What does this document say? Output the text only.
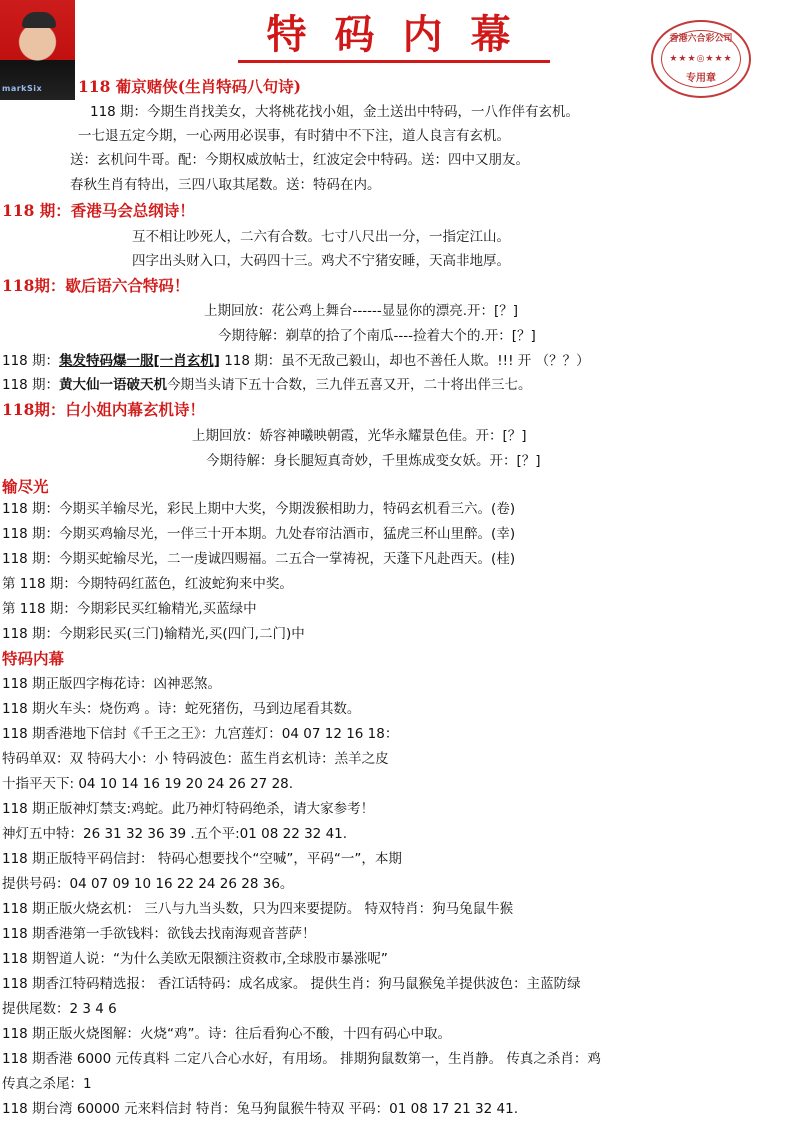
markSix
特码内幕	香港六合彩公司
★★★◎★★★
专用章
118 葡京赌侠(生肖特码八句诗)
118 期：今期生肖找美女，大将桃花找小姐，金土送出中特码，一八作伴有玄机。
一七退五定今期，一心两用必误事，有时猜中不下注，道人良言有玄机。
送：玄机问牛哥。配：今期权威放帖士，红波定会中特码。送：四中又朋友。
春秋生肖有特出，三四八取其尾数。送：特码在内。
118 期：香港马会总纲诗！
互不相让吵死人，二六有合数。七寸八尺出一分，一指定江山。
四字出头财入口，大码四十三。鸡犬不宁猪安睡，天高非地厚。
118期：歇后语六合特码！
上期回放：花公鸡上舞台------显显你的漂亮.开：[？]
今期待解：剃草的拾了个南瓜----捡着大个的.开：[？]
118 期：集发特码爆一服[一肖玄机] 118 期：虽不无敌己毅山，却也不善任人欺。!!! 开 （？？）
118 期：黄大仙一语破天机今期当头请下五十合数，三九伴五喜又开，二十将出伴三七。
118期：白小姐内幕玄机诗！
上期回放：娇容神曦映朝霞，光华永耀景色佳。开：[？]
今期待解：身长腿短真奇妙，千里炼成变女妖。开：[？]
输尽光
118 期：今期买羊输尽光，彩民上期中大奖，今期泼猴相助力，特码玄机看三六。(卷)
118 期：今期买鸡输尽光，一伴三十开本期。九处春帘沽酒市，猛虎三杯山里醉。(幸)
118 期：今期买蛇输尽光，二一虔诚四赐福。二五合一掌祷祝，天蓬下凡赴西天。(桂)
第 118 期：今期特码红蓝色，红波蛇狗来中奖。
第 118 期：今期彩民买红输精光,买蓝绿中
118 期：今期彩民买(三门)输精光,买(四门,二门)中
特码内幕
118 期正版四字梅花诗：凶神恶煞。
118 期火车头：烧伤鸡 。诗：蛇死猪伤，马到边尾看其数。
118 期香港地下信封《千王之王》：九宫莲灯：04 07 12 16 18：
特码单双：双 特码大小：小 特码波色：蓝生肖玄机诗：羔羊之皮
十指平天下: 04 10 14 16 19 20 24 26 27 28.
118 期正版神灯禁支:鸡蛇。此乃神灯特码绝杀，请大家参考！
神灯五中特：26 31 32 36 39 .五个平:01 08 22 32 41.
118 期正版特平码信封： 特码心想要找个“空喊”，平码“一”，本期
提供号码：04 07 09 10 16 22 24 26 28 36。
118 期正版火烧玄机： 三八与九当头数，只为四来要提防。 特双特肖：狗马兔鼠牛猴
118 期香港第一手欲钱料：欲钱去找南海观音菩萨！
118 期智道人说：“为什么美欧无限额注资救市,全球股市暴涨呢”
118 期香江特码精选报： 香江话特码：成名成家。 提供生肖：狗马鼠猴兔羊提供波色：主蓝防绿
提供尾数：2 3 4 6
118 期正版火烧图解：火烧“鸡”。诗：往后看狗心不酸，十四有码心中取。
118 期香港 6000 元传真料 二定八合心水好，有用场。 排期狗鼠数第一，生肖静。 传真之杀肖：鸡
传真之杀尾：1
118 期台湾 60000 元来料信封 特肖：兔马狗鼠猴牛特双 平码：01 08 17 21 32 41.
